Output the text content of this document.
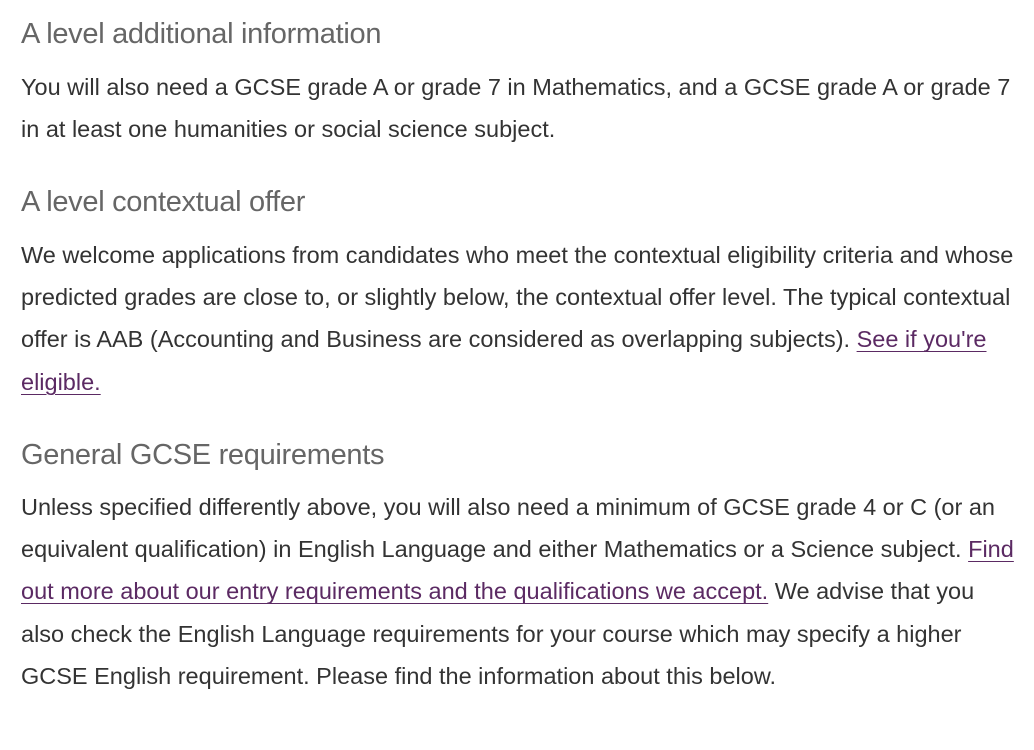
A level additional information

You will also need a GCSE grade A or grade 7 in Mathematics, and a GCSE grade A or grade 7 in at least one humanities or social science subject.

A level contextual offer

We welcome applications from candidates who meet the contextual eligibility criteria and whose predicted grades are close to, or slightly below, the contextual offer level. The typical contextual offer is AAB (Accounting and Business are considered as overlapping subjects). See if you're eligible.

General GCSE requirements

Unless specified differently above, you will also need a minimum of GCSE grade 4 or C (or an equivalent qualification) in English Language and either Mathematics or a Science subject. Find out more about our entry requirements and the qualifications we accept. We advise that you also check the English Language requirements for your course which may specify a higher GCSE English requirement. Please find the information about this below.
